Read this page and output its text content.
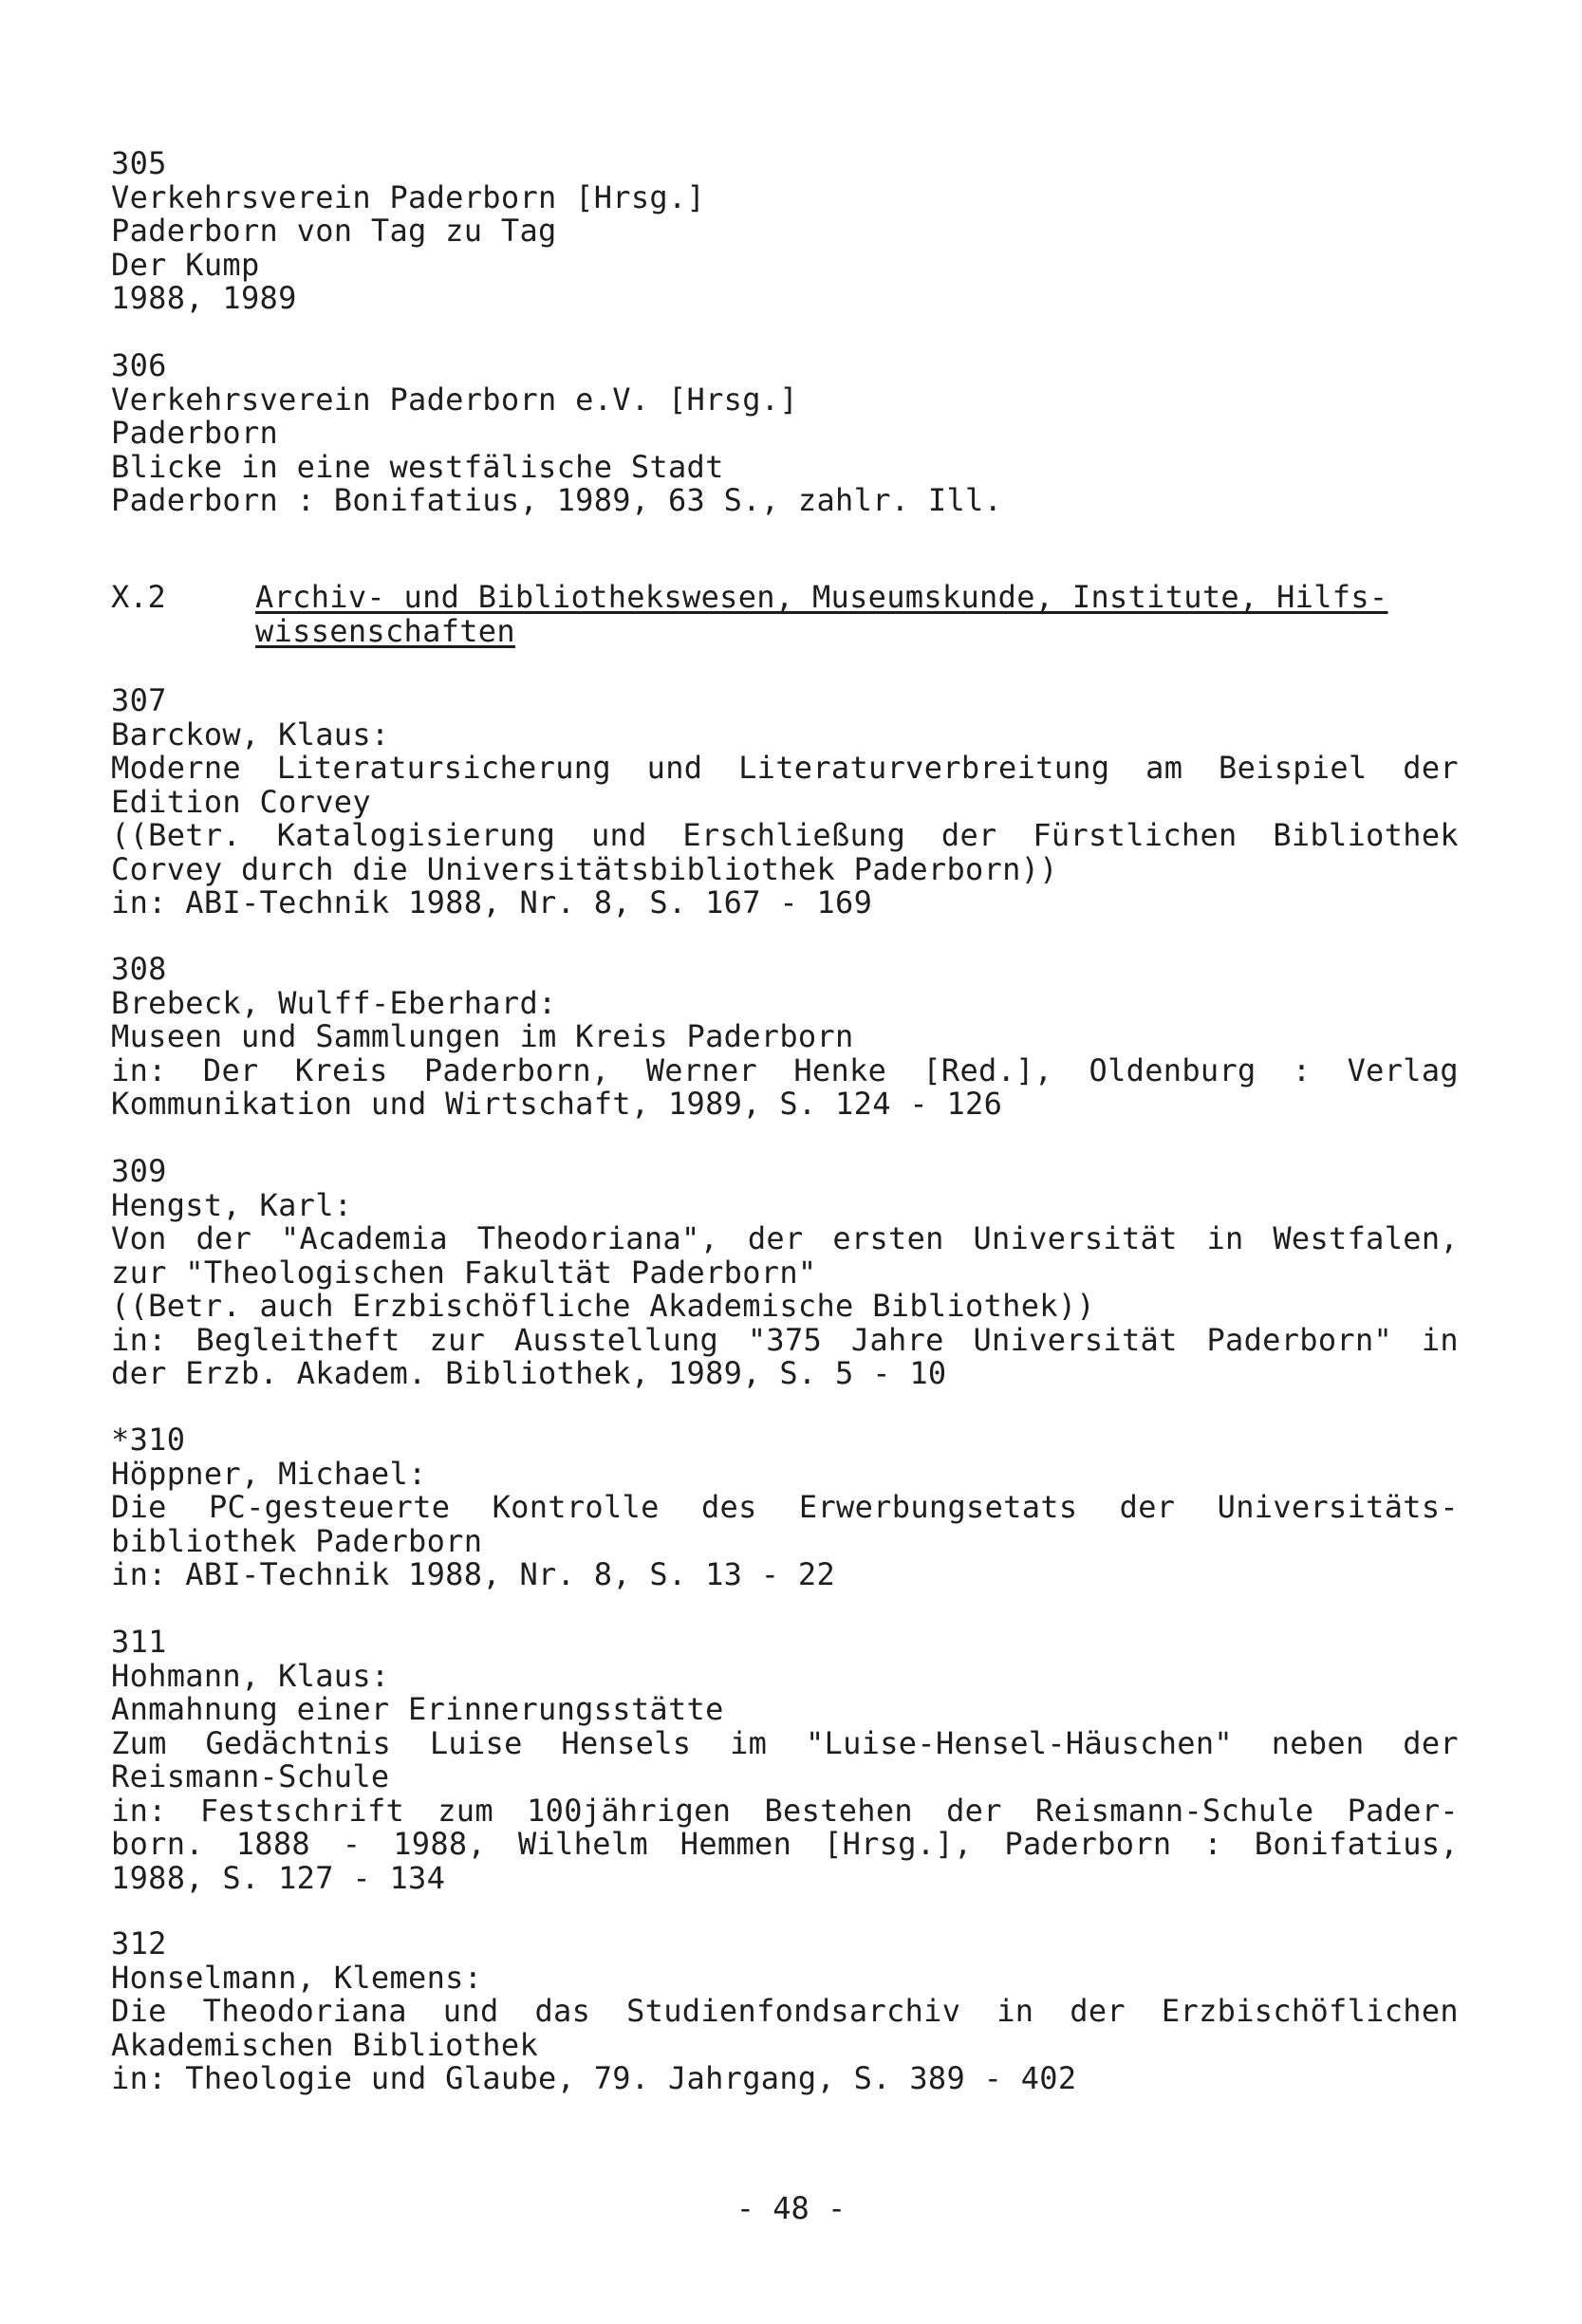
305
Verkehrsverein Paderborn [Hrsg.]
Paderborn von Tag zu Tag
Der Kump
1988, 1989
306
Verkehrsverein Paderborn e.V. [Hrsg.]
Paderborn
Blicke in eine westfälische Stadt
Paderborn : Bonifatius, 1989, 63 S., zahlr. Ill.
X.2	Archiv- und Bibliothekswesen, Museumskunde, Institute, Hilfs-
wissenschaften
307
Barckow, Klaus:
Moderne Literatursicherung und Literaturverbreitung am Beispiel der
Edition Corvey
((Betr. Katalogisierung und Erschließung der Fürstlichen Bibliothek
Corvey durch die Universitätsbibliothek Paderborn))
in: ABI-Technik 1988, Nr. 8, S. 167 - 169
308
Brebeck, Wulff-Eberhard:
Museen und Sammlungen im Kreis Paderborn
in: Der Kreis Paderborn, Werner Henke [Red.], Oldenburg : Verlag
Kommunikation und Wirtschaft, 1989, S. 124 - 126
309
Hengst, Karl:
Von der "Academia Theodoriana", der ersten Universität in Westfalen,
zur "Theologischen Fakultät Paderborn"
((Betr. auch Erzbischöfliche Akademische Bibliothek))
in: Begleitheft zur Ausstellung "375 Jahre Universität Paderborn" in
der Erzb. Akadem. Bibliothek, 1989, S. 5 - 10
*310
Höppner, Michael:
Die PC-gesteuerte Kontrolle des Erwerbungsetats der Universitäts-
bibliothek Paderborn
in: ABI-Technik 1988, Nr. 8, S. 13 - 22
311
Hohmann, Klaus:
Anmahnung einer Erinnerungsstätte
Zum Gedächtnis Luise Hensels im "Luise-Hensel-Häuschen" neben der
Reismann-Schule
in: Festschrift zum 100jährigen Bestehen der Reismann-Schule Pader-
born. 1888 - 1988, Wilhelm Hemmen [Hrsg.], Paderborn : Bonifatius,
1988, S. 127 - 134
312
Honselmann, Klemens:
Die Theodoriana und das Studienfondsarchiv in der Erzbischöflichen
Akademischen Bibliothek
in: Theologie und Glaube, 79. Jahrgang, S. 389 - 402
- 48 -
